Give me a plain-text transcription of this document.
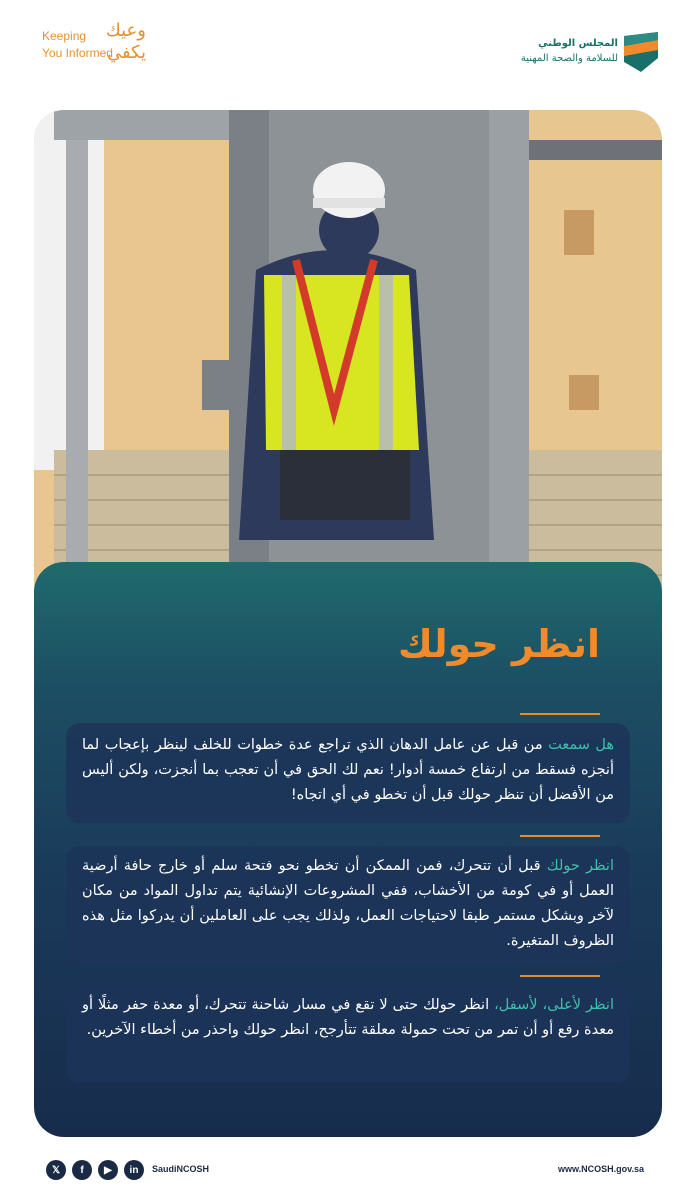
Keeping
You Informed
وعيك
يكفي	المجلس الوطني
للسلامة والصحة المهنية
انظر حولك
هل سمعت من قبل عن عامل الدهان الذي تراجع عدة خطوات للخلف لينظر بإعجاب لما أنجزه فسقط من ارتفاع خمسة أدوار! نعم لك الحق في أن تعجب بما أنجزت، ولكن أليس من الأفضل أن تنظر حولك قبل أن تخطو في أي اتجاه!
انظر حولك قبل أن تتحرك، فمن الممكن أن تخطو نحو فتحة سلم أو خارج حافة أرضية العمل أو في كومة من الأخشاب، ففي المشروعات الإنشائية يتم تداول المواد من مكان لآخر وبشكل مستمر طبقا لاحتياجات العمل، ولذلك يجب على العاملين أن يدركوا مثل هذه الظروف المتغيرة.
انظر لأعلى، لأسفل، انظر حولك حتى لا تقع في مسار شاحنة تتحرك، أو معدة حفر مثلًا أو معدة رفع أو أن تمر من تحت حمولة معلقة تتأرجح، انظر حولك واحذر من أخطاء الآخرين.
𝕏	f	▶	in	SaudiNCOSH	www.NCOSH.gov.sa
